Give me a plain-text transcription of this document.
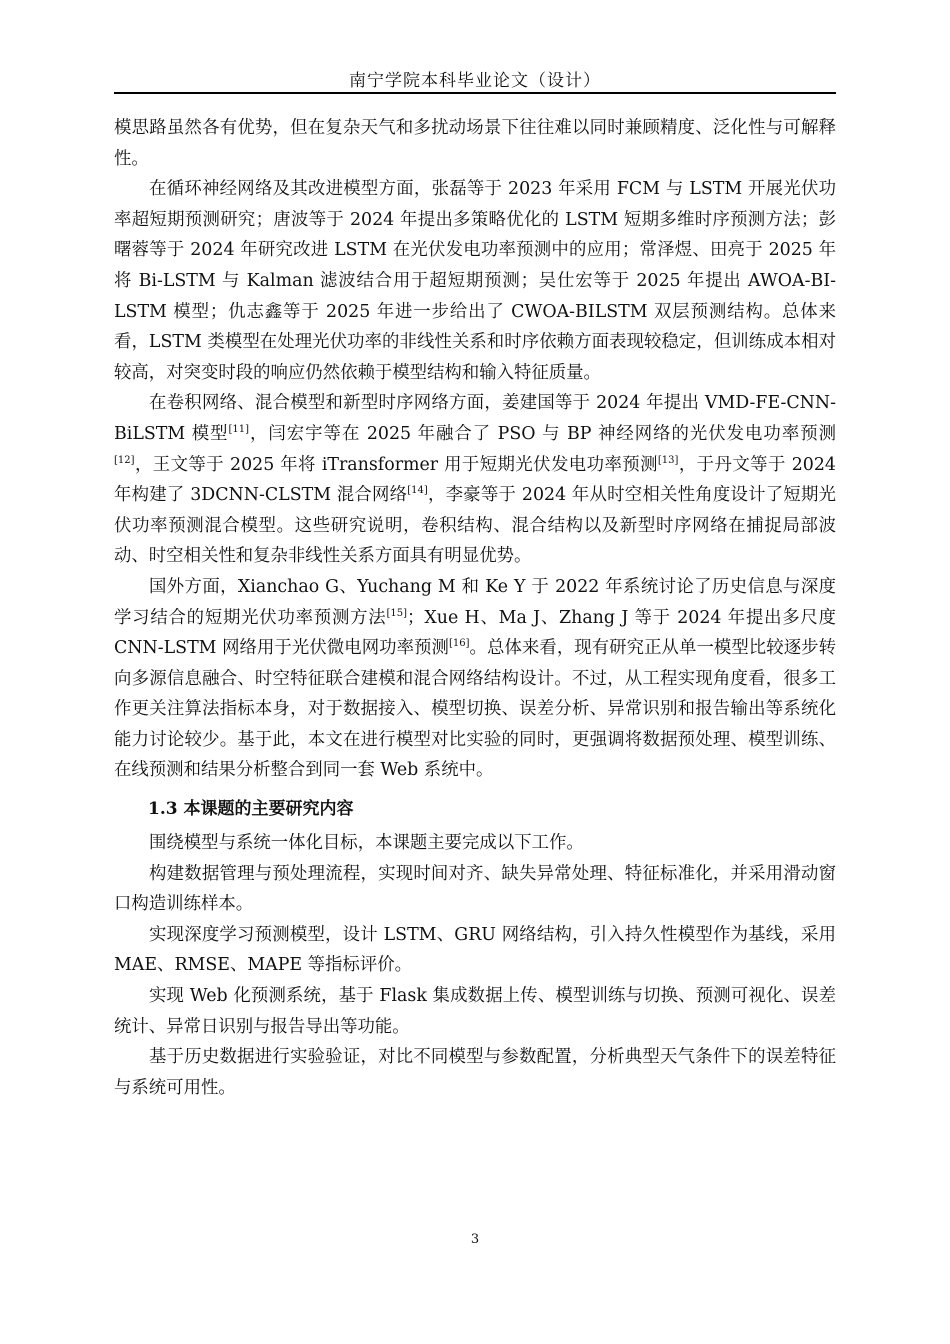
南宁学院本科毕业论文（设计）

模思路虽然各有优势，但在复杂天气和多扰动场景下往往难以同时兼顾精度、泛化性与可解释性。

在循环神经网络及其改进模型方面，张磊等于 2023 年采用 FCM 与 LSTM 开展光伏功率超短期预测研究；唐波等于 2024 年提出多策略优化的 LSTM 短期多维时序预测方法；彭曙蓉等于 2024 年研究改进 LSTM 在光伏发电功率预测中的应用；常泽煜、田亮于 2025 年将 Bi-LSTM 与 Kalman 滤波结合用于超短期预测；吴仕宏等于 2025 年提出 AWOA-BI-LSTM 模型；仇志鑫等于 2025 年进一步给出了 CWOA-BILSTM 双层预测结构。总体来看，LSTM 类模型在处理光伏功率的非线性关系和时序依赖方面表现较稳定，但训练成本相对较高，对突变时段的响应仍然依赖于模型结构和输入特征质量。

在卷积网络、混合模型和新型时序网络方面，姜建国等于 2024 年提出 VMD-FE-CNN-BiLSTM 模型[11]，闫宏宇等在 2025 年融合了 PSO 与 BP 神经网络的光伏发电功率预测[12]，王文等于 2025 年将 iTransformer 用于短期光伏发电功率预测[13]，于丹文等于 2024 年构建了 3DCNN-CLSTM 混合网络[14]，李豪等于 2024 年从时空相关性角度设计了短期光伏功率预测混合模型。这些研究说明，卷积结构、混合结构以及新型时序网络在捕捉局部波动、时空相关性和复杂非线性关系方面具有明显优势。

国外方面，Xianchao G、Yuchang M 和 Ke Y 于 2022 年系统讨论了历史信息与深度学习结合的短期光伏功率预测方法[15]；Xue H、Ma J、Zhang J 等于 2024 年提出多尺度 CNN-LSTM 网络用于光伏微电网功率预测[16]。总体来看，现有研究正从单一模型比较逐步转向多源信息融合、时空特征联合建模和混合网络结构设计。不过，从工程实现角度看，很多工作更关注算法指标本身，对于数据接入、模型切换、误差分析、异常识别和报告输出等系统化能力讨论较少。基于此，本文在进行模型对比实验的同时，更强调将数据预处理、模型训练、在线预测和结果分析整合到同一套 Web 系统中。

1.3 本课题的主要研究内容

围绕模型与系统一体化目标，本课题主要完成以下工作。

构建数据管理与预处理流程，实现时间对齐、缺失异常处理、特征标准化，并采用滑动窗口构造训练样本。

实现深度学习预测模型，设计 LSTM、GRU 网络结构，引入持久性模型作为基线，采用 MAE、RMSE、MAPE 等指标评价。

实现 Web 化预测系统，基于 Flask 集成数据上传、模型训练与切换、预测可视化、误差统计、异常日识别与报告导出等功能。

基于历史数据进行实验验证，对比不同模型与参数配置，分析典型天气条件下的误差特征与系统可用性。

3
